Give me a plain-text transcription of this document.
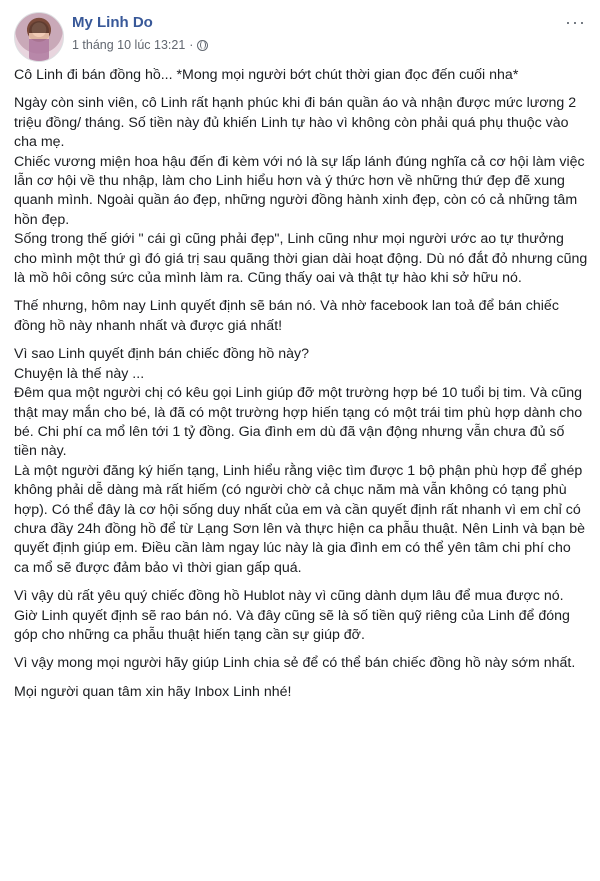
My Linh Do
1 tháng 10 lúc 13:21 ·
···

Cô Linh đi bán đồng hồ... *Mong mọi người bớt chút thời gian đọc đến cuối nha*

Ngày còn sinh viên, cô Linh rất hạnh phúc khi đi bán quần áo và nhận được mức lương 2 triệu đồng/ tháng. Số tiền này đủ khiến Linh tự hào vì không còn phải quá phụ thuộc vào cha mẹ.
Chiếc vương miện hoa hậu đến đi kèm với nó là sự lấp lánh đúng nghĩa cả cơ hội làm việc lẫn cơ hội về thu nhập, làm cho Linh hiểu hơn và ý thức hơn về những thứ đẹp đẽ xung quanh mình. Ngoài quần áo đẹp, những người đồng hành xinh đẹp, còn có cả những tâm hồn đẹp.
Sống trong thế giới " cái gì cũng phải đẹp", Linh cũng như mọi người ước ao tự thưởng cho mình một thứ gì đó giá trị sau quãng thời gian dài hoạt động. Dù nó đắt đỏ nhưng cũng là mồ hôi công sức của mình làm ra. Cũng thấy oai và thật tự hào khi sở hữu nó.

Thế nhưng, hôm nay Linh quyết định sẽ bán nó. Và nhờ facebook lan toả để bán chiếc đồng hồ này nhanh nhất và được giá nhất!

Vì sao Linh quyết định bán chiếc đồng hồ này?
Chuyện là thế này ...
Đêm qua một người chị có kêu gọi Linh giúp đỡ một trường hợp bé 10 tuổi bị tim. Và cũng thật may mắn cho bé, là đã có một trường hợp hiến tạng có một trái tim phù hợp dành cho bé. Chi phí ca mổ lên tới 1 tỷ đồng. Gia đình em dù đã vận động nhưng vẫn chưa đủ số tiền này.
Là một người đăng ký hiến tạng, Linh hiểu rằng việc tìm được 1 bộ phận phù hợp để ghép không phải dễ dàng mà rất hiếm (có người chờ cả chục năm mà vẫn không có tạng phù hợp). Có thể đây là cơ hội sống duy nhất của em và cần quyết định rất nhanh vì em chỉ có chưa đầy 24h đồng hồ để từ Lạng Sơn lên và thực hiện ca phẫu thuật. Nên Linh và bạn bè quyết định giúp em. Điều cần làm ngay lúc này là gia đình em có thể yên tâm chi phí cho ca mổ sẽ được đảm bảo vì thời gian gấp quá.

Vì vậy dù rất yêu quý chiếc đồng hồ Hublot này vì cũng dành dụm lâu để mua được nó. Giờ Linh quyết định sẽ rao bán nó. Và đây cũng sẽ là số tiền quỹ riêng của Linh để đóng góp cho những ca phẫu thuật hiến tạng cần sự giúp đỡ.

Vì vậy mong mọi người hãy giúp Linh chia sẻ để có thể bán chiếc đồng hồ này sớm nhất.

Mọi người quan tâm xin hãy Inbox Linh nhé!
